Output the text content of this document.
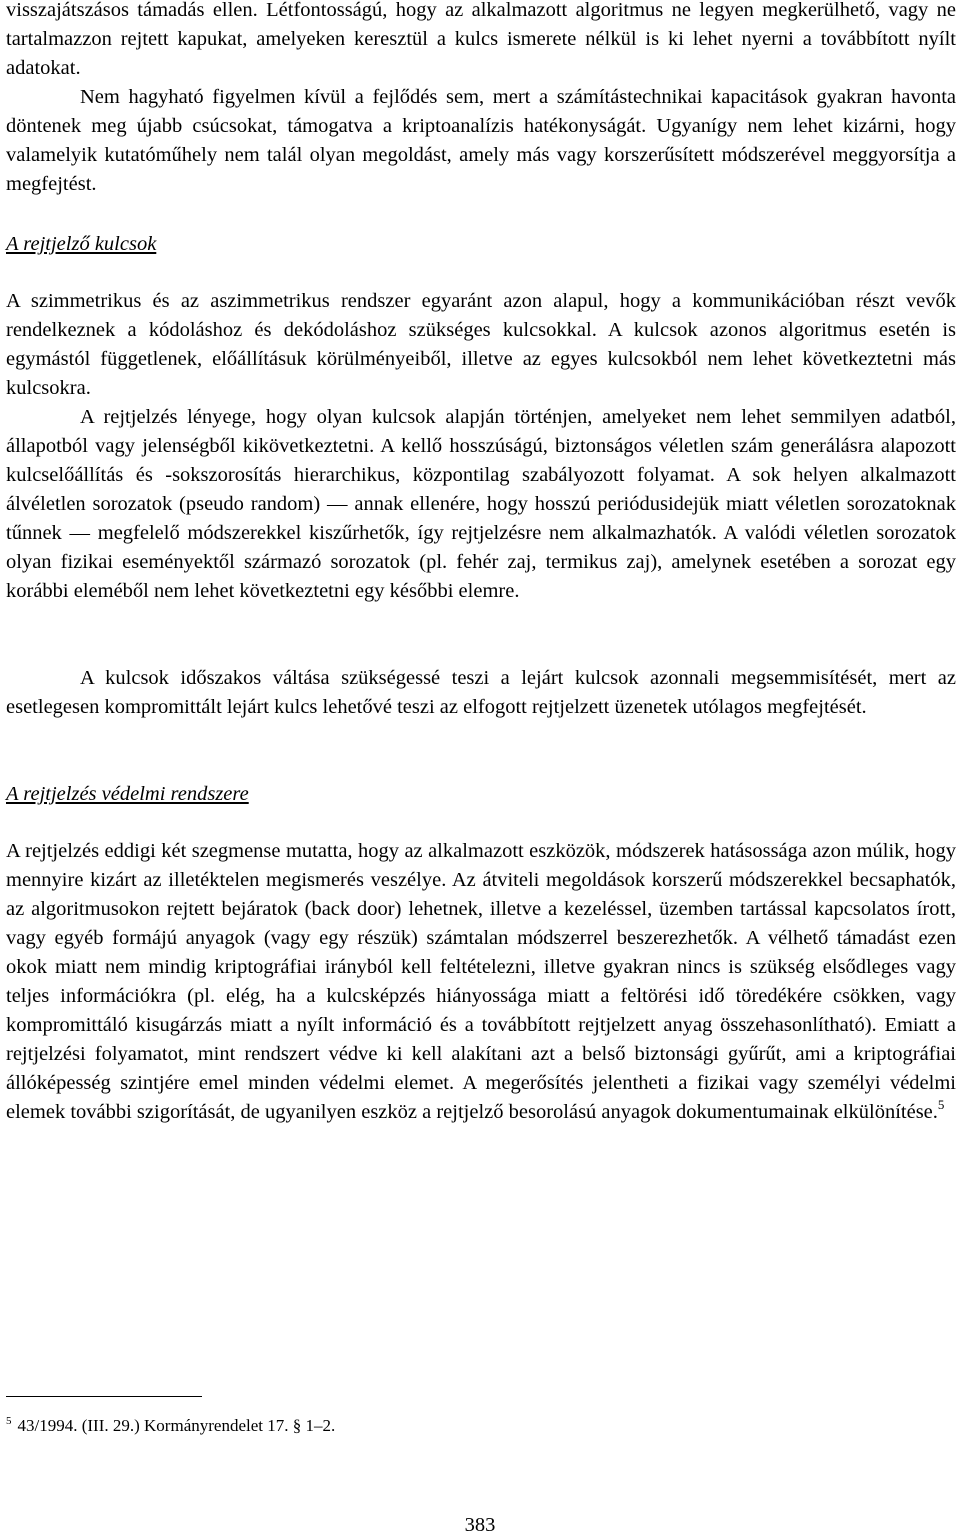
visszajátszásos támadás ellen. Létfontosságú, hogy az alkalmazott algoritmus ne legyen megkerülhető, vagy ne tartalmazzon rejtett kapukat, amelyeken keresztül a kulcs ismerete nélkül is ki lehet nyerni a továbbított nyílt adatokat.

Nem hagyható figyelmen kívül a fejlődés sem, mert a számítástechnikai kapacitások gyakran havonta döntenek meg újabb csúcsokat, támogatva a kriptoanalízis hatékonyságát. Ugyanígy nem lehet kizárni, hogy valamelyik kutatóműhely nem talál olyan megoldást, amely más vagy korszerűsített módszerével meggyorsítja a megfejtést.

A rejtjelző kulcsok

A szimmetrikus és az aszimmetrikus rendszer egyaránt azon alapul, hogy a kommunikációban részt vevők rendelkeznek a kódoláshoz és dekódoláshoz szükséges kulcsokkal. A kulcsok azonos algoritmus esetén is egymástól függetlenek, előállításuk körülményeiből, illetve az egyes kulcsokból nem lehet következtetni más kulcsokra.

A rejtjelzés lényege, hogy olyan kulcsok alapján történjen, amelyeket nem lehet semmilyen adatból, állapotból vagy jelenségből kikövetkeztetni. A kellő hosszúságú, biztonságos véletlen szám generálásra alapozott kulcselőállítás és -sokszorosítás hierarchikus, központilag szabályozott folyamat. A sok helyen alkalmazott álvéletlen sorozatok (pseudo random) — annak ellenére, hogy hosszú periódusidejük miatt véletlen sorozatoknak tűnnek — megfelelő módszerekkel kiszűrhetők, így rejtjelzésre nem alkalmazhatók. A valódi véletlen sorozatok olyan fizikai eseményektől származó sorozatok (pl. fehér zaj, termikus zaj), amelynek esetében a sorozat egy korábbi eleméből nem lehet következtetni egy későbbi elemre.

A kulcsok időszakos váltása szükségessé teszi a lejárt kulcsok azonnali megsemmisítését, mert az esetlegesen kompromittált lejárt kulcs lehetővé teszi az elfogott rejtjelzett üzenetek utólagos megfejtését.

A rejtjelzés védelmi rendszere

A rejtjelzés eddigi két szegmense mutatta, hogy az alkalmazott eszközök, módszerek hatásossága azon múlik, hogy mennyire kizárt az illetéktelen megismerés veszélye. Az átviteli megoldások korszerű módszerekkel becsaphatók, az algoritmusokon rejtett bejáratok (back door) lehetnek, illetve a kezeléssel, üzemben tartással kapcsolatos írott, vagy egyéb formájú anyagok (vagy egy részük) számtalan módszerrel beszerezhetők. A vélhető támadást ezen okok miatt nem mindig kriptográfiai irányból kell feltételezni, illetve gyakran nincs is szükség elsődleges vagy teljes információkra (pl. elég, ha a kulcsképzés hiányossága miatt a feltörési idő töredékére csökken, vagy kompromittáló kisugárzás miatt a nyílt információ és a továbbított rejtjelzett anyag összehasonlítható). Emiatt a rejtjelzési folyamatot, mint rendszert védve ki kell alakítani azt a belső biztonsági gyűrűt, ami a kriptográfiai állóképesség szintjére emel minden védelmi elemet. A megerősítés jelentheti a fizikai vagy személyi védelmi elemek további szigorítását, de ugyanilyen eszköz a rejtjelző besorolású anyagok dokumentumainak elkülönítése.$^5$

$^5$ 43/1994. (III. 29.) Kormányrendelet 17. § 1–2.

383
